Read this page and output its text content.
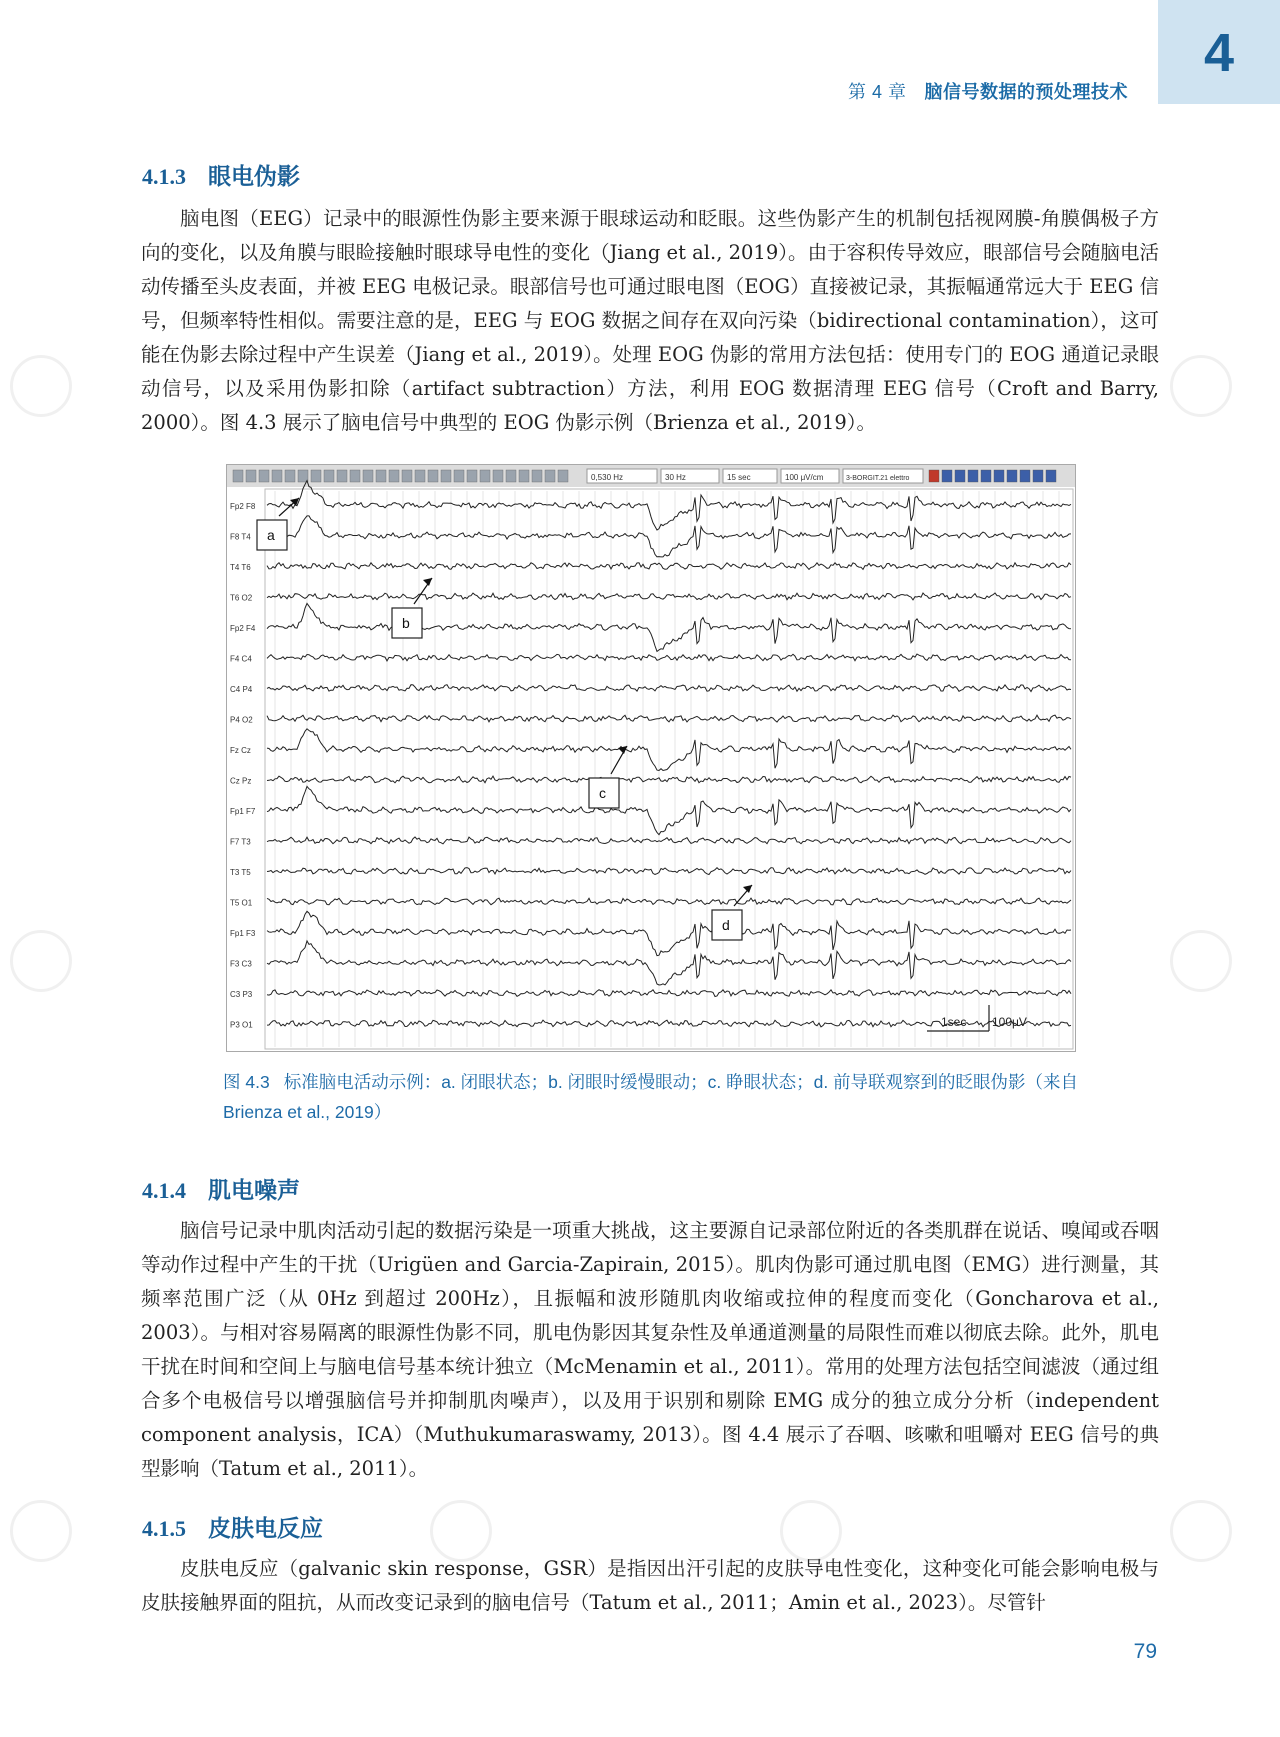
4
第 4 章 脑信号数据的预处理技术
4.1.3 眼电伪影
脑电图（EEG）记录中的眼源性伪影主要来源于眼球运动和眨眼。这些伪影产生的机制包括视网膜-角膜偶极子方向的变化，以及角膜与眼睑接触时眼球导电性的变化（Jiang et al., 2019）。由于容积传导效应，眼部信号会随脑电活动传播至头皮表面，并被 EEG 电极记录。眼部信号也可通过眼电图（EOG）直接被记录，其振幅通常远大于 EEG 信号，但频率特性相似。需要注意的是，EEG 与 EOG 数据之间存在双向污染（bidirectional contamination），这可能在伪影去除过程中产生误差（Jiang et al., 2019）。处理 EOG 伪影的常用方法包括：使用专门的 EOG 通道记录眼动信号，以及采用伪影扣除（artifact subtraction）方法，利用 EOG 数据清理 EEG 信号（Croft and Barry, 2000）。图 4.3 展示了脑电信号中典型的 EOG 伪影示例（Brienza et al., 2019）。
0,530 Hz	30 Hz	15 sec	100 μV/cm	3-BORGIT.21 elettro
Fp2 F8
F8 T4
T4 T6
T6 O2
Fp2 F4
F4 C4
C4 P4
P4 O2
Fz Cz
Cz Pz
Fp1 F7
F7 T3
T3 T5
T5 O1
Fp1 F3
F3 C3
C3 P3
P3 O1
a
b
c
d
1sec 100μV
图 4.3 标准脑电活动示例：a. 闭眼状态；b. 闭眼时缓慢眼动；c. 睁眼状态；d. 前导联观察到的眨眼伪影（来自 Brienza et al., 2019）
4.1.4 肌电噪声
脑信号记录中肌肉活动引起的数据污染是一项重大挑战，这主要源自记录部位附近的各类肌群在说话、嗅闻或吞咽等动作过程中产生的干扰（Urigüen and Garcia-Zapirain, 2015）。肌肉伪影可通过肌电图（EMG）进行测量，其频率范围广泛（从 0Hz 到超过 200Hz），且振幅和波形随肌肉收缩或拉伸的程度而变化（Goncharova et al., 2003）。与相对容易隔离的眼源性伪影不同，肌电伪影因其复杂性及单通道测量的局限性而难以彻底去除。此外，肌电干扰在时间和空间上与脑电信号基本统计独立（McMenamin et al., 2011）。常用的处理方法包括空间滤波（通过组合多个电极信号以增强脑信号并抑制肌肉噪声），以及用于识别和剔除 EMG 成分的独立成分分析（independent component analysis，ICA）（Muthukumaraswamy, 2013）。图 4.4 展示了吞咽、咳嗽和咀嚼对 EEG 信号的典型影响（Tatum et al., 2011）。
4.1.5 皮肤电反应
皮肤电反应（galvanic skin response，GSR）是指因出汗引起的皮肤导电性变化，这种变化可能会影响电极与皮肤接触界面的阻抗，从而改变记录到的脑电信号（Tatum et al., 2011；Amin et al., 2023）。尽管针
79
